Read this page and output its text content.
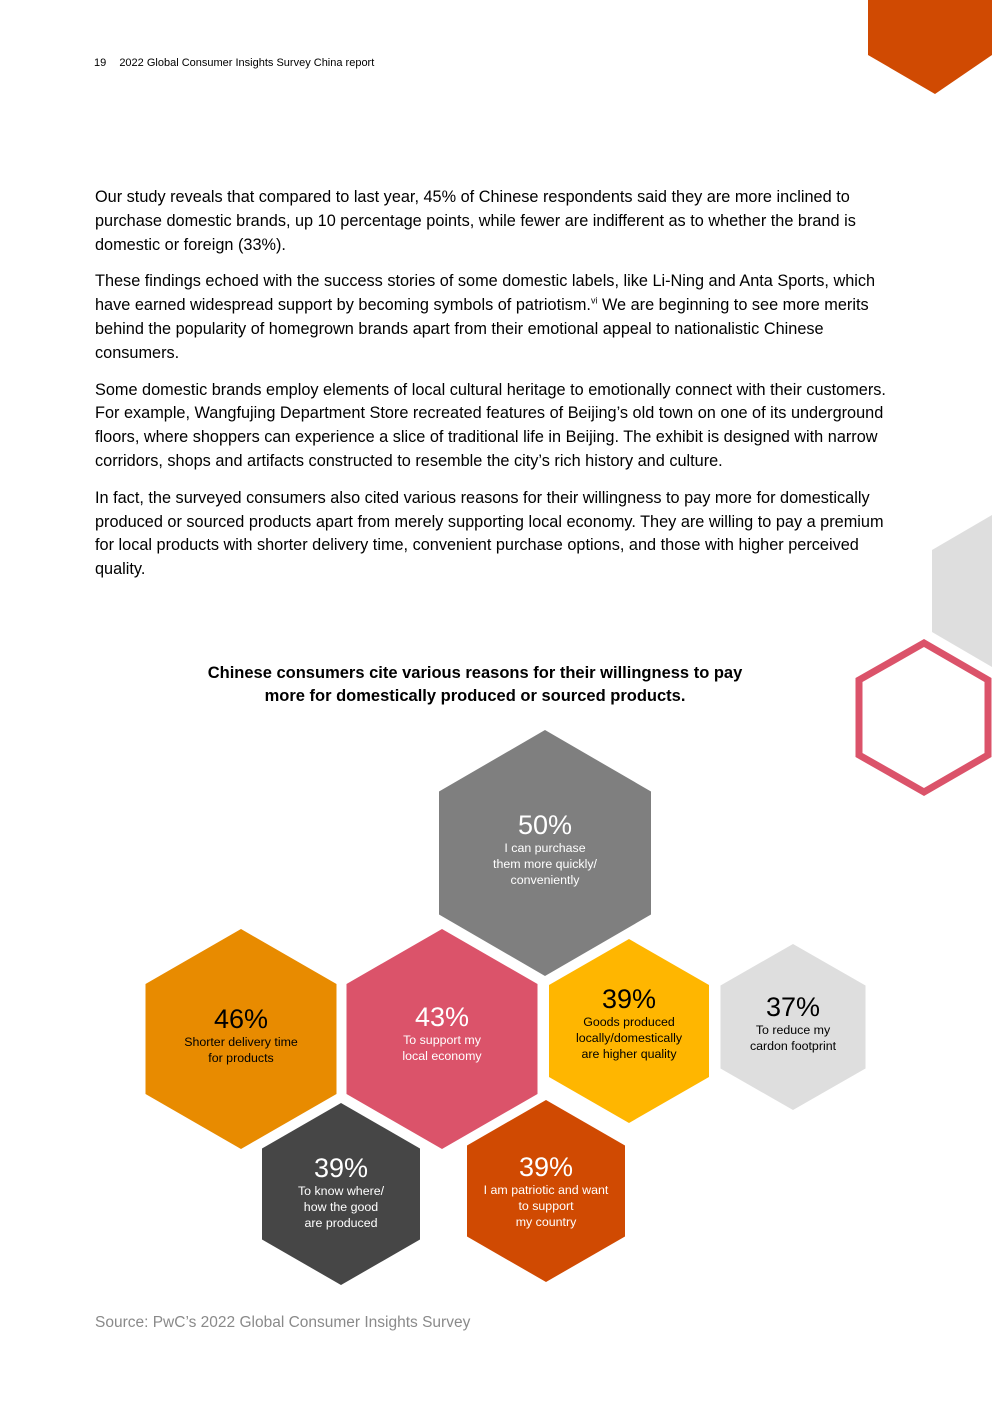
19 2022 Global Consumer Insights Survey China report

Our study reveals that compared to last year, 45% of Chinese respondents said they are more inclined to purchase domestic brands, up 10 percentage points, while fewer are indifferent as to whether the brand is domestic or foreign (33%).

These findings echoed with the success stories of some domestic labels, like Li-Ning and Anta Sports, which have earned widespread support by becoming symbols of patriotism.$^{vi}$ We are beginning to see more merits behind the popularity of homegrown brands apart from their emotional appeal to nationalistic Chinese consumers.

Some domestic brands employ elements of local cultural heritage to emotionally connect with their customers. For example, Wangfujing Department Store recreated features of Beijing’s old town on one of its underground floors, where shoppers can experience a slice of traditional life in Beijing. The exhibit is designed with narrow corridors, shops and artifacts constructed to resemble the city’s rich history and culture.

In fact, the surveyed consumers also cited various reasons for their willingness to pay more for domestically produced or sourced products apart from merely supporting local economy. They are willing to pay a premium for local products with shorter delivery time, convenient purchase options, and those with higher perceived quality.

Chinese consumers cite various reasons for their willingness to pay
more for domestically produced or sourced products.
50%
I can purchase
them more quickly/
conveniently
46%
Shorter delivery time
for products
43%
To support my
local economy
39%
Goods produced
locally/domestically
are higher quality
37%
To reduce my
cardon footprint
39%
To know where/
how the good
are produced
39%
I am patriotic and want
to support
my country
Source: PwC’s 2022 Global Consumer Insights Survey
